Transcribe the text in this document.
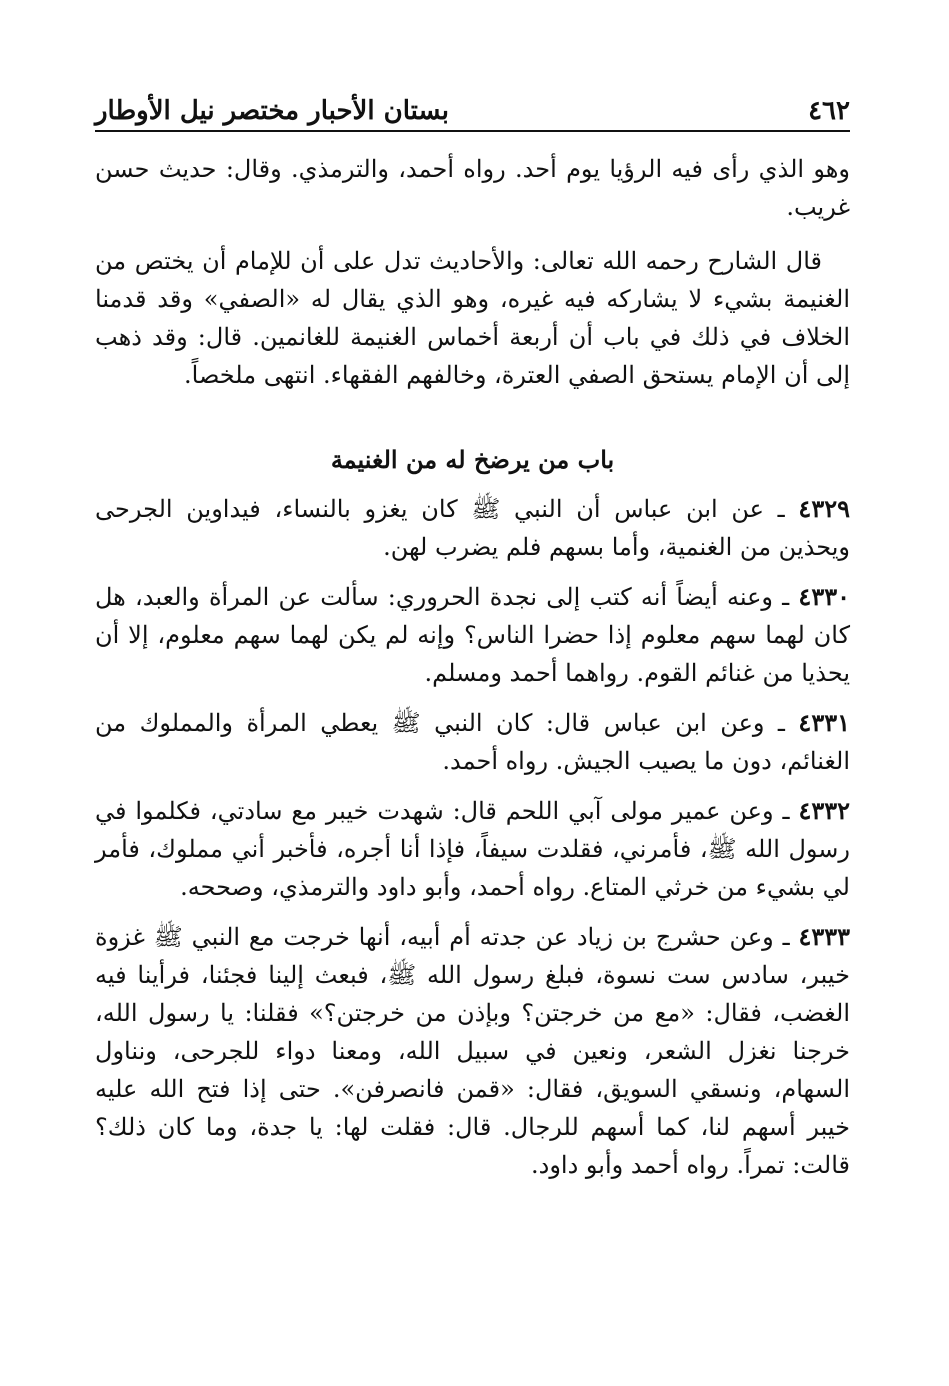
٤٦٢
بستان الأحبار مختصر نيل الأوطار

وهو الذي رأى فيه الرؤيا يوم أحد. رواه أحمد، والترمذي. وقال: حديث حسن غريب.

قال الشارح رحمه الله تعالى: والأحاديث تدل على أن للإمام أن يختص من الغنيمة بشيء لا يشاركه فيه غيره، وهو الذي يقال له «الصفي» وقد قدمنا الخلاف في ذلك في باب أن أربعة أخماس الغنيمة للغانمين. قال: وقد ذهب إلى أن الإمام يستحق الصفي العترة، وخالفهم الفقهاء. انتهى ملخصاً.

باب من يرضخ له من الغنيمة

٤٣٢٩ ـ عن ابن عباس أن النبي ﷺ كان يغزو بالنساء، فيداوين الجرحى ويحذين من الغنمية، وأما بسهم فلم يضرب لهن.

٤٣٣٠ ـ وعنه أيضاً أنه كتب إلى نجدة الحروري: سألت عن المرأة والعبد، هل كان لهما سهم معلوم إذا حضرا الناس؟ وإنه لم يكن لهما سهم معلوم، إلا أن يحذيا من غنائم القوم. رواهما أحمد ومسلم.

٤٣٣١ ـ وعن ابن عباس قال: كان النبي ﷺ يعطي المرأة والمملوك من الغنائم، دون ما يصيب الجيش. رواه أحمد.

٤٣٣٢ ـ وعن عمير مولى آبي اللحم قال: شهدت خيبر مع سادتي، فكلموا في رسول الله ﷺ، فأمرني، فقلدت سيفاً، فإذا أنا أجره، فأخبر أني مملوك، فأمر لي بشيء من خرثي المتاع. رواه أحمد، وأبو داود والترمذي، وصححه.

٤٣٣٣ ـ وعن حشرج بن زياد عن جدته أم أبيه، أنها خرجت مع النبي ﷺ غزوة خيبر، سادس ست نسوة، فبلغ رسول الله ﷺ، فبعث إلينا فجئنا، فرأينا فيه الغضب، فقال: «مع من خرجتن؟ وبإذن من خرجتن؟» فقلنا: يا رسول الله، خرجنا نغزل الشعر، ونعين في سبيل الله، ومعنا دواء للجرحى، ونناول السهام، ونسقي السويق، فقال: «قمن فانصرفن». حتى إذا فتح الله عليه خيبر أسهم لنا، كما أسهم للرجال. قال: فقلت لها: يا جدة، وما كان ذلك؟ قالت: تمراً. رواه أحمد وأبو داود.
